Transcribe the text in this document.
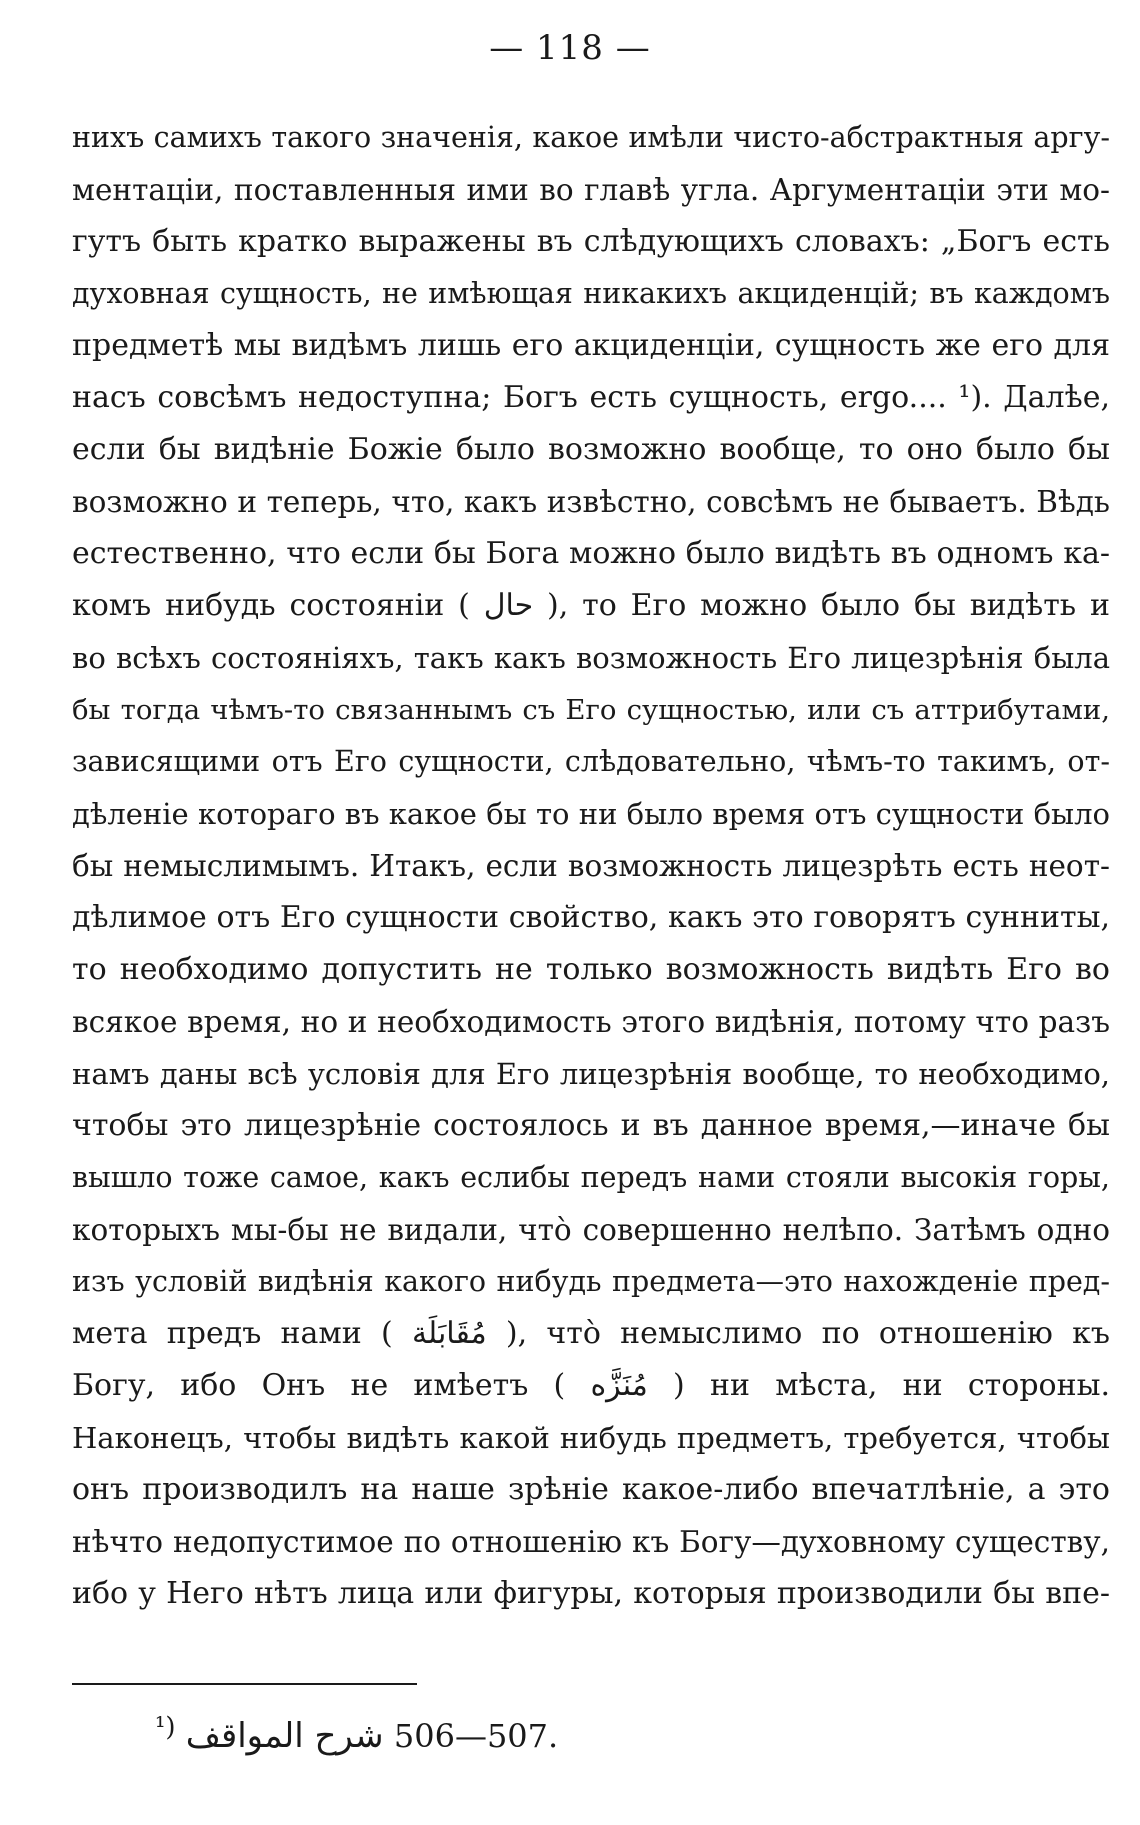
— 118 —
нихъ самихъ такого значенія, какое имѣли чисто-абстрактныя аргу-
ментаціи, поставленныя ими во главѣ угла. Аргументаціи эти мо-
гутъ быть кратко выражены въ слѣдующихъ словахъ: „Богъ есть
духовная сущность, не имѣющая никакихъ акциденцій; въ каждомъ
предметѣ мы видѣмъ лишь его акциденціи, сущность же его для
насъ совсѣмъ недоступна; Богъ есть сущность, ergo.... ¹). Далѣе,
если бы видѣніе Божіе было возможно вообще, то оно было бы
возможно и теперь, что, какъ извѣстно, совсѣмъ не бываетъ. Вѣдь
естественно, что если бы Бога можно было видѣть въ одномъ ка-
комъ нибудь состояніи ( حال ), то Его можно было бы видѣть и
во всѣхъ состояніяхъ, такъ какъ возможность Его лицезрѣнія была
бы тогда чѣмъ-то связаннымъ съ Его сущностью, или съ аттрибутами,
зависящими отъ Его сущности, слѣдовательно, чѣмъ-то такимъ, от-
дѣленіе котораго въ какое бы то ни было время отъ сущности было
бы немыслимымъ. Итакъ, если возможность лицезрѣть есть неот-
дѣлимое отъ Его сущности свойство, какъ это говорятъ сунниты,
то необходимо допустить не только возможность видѣть Его во
всякое время, но и необходимость этого видѣнія, потому что разъ
намъ даны всѣ условія для Его лицезрѣнія вообще, то необходимо,
чтобы это лицезрѣніе состоялось и въ данное время,—иначе бы
вышло тоже самое, какъ еслибы передъ нами стояли высокія горы,
которыхъ мы-бы не видали, что̀ совершенно нелѣпо. Затѣмъ одно
изъ условій видѣнія какого нибудь предмета—это нахожденіе пред-
мета предъ нами ( مُقَابَلَة ), что̀ немыслимо по отношенію къ
Богу, ибо Онъ не имѣетъ ( مُنَزَّه ) ни мѣста, ни стороны.
Наконецъ, чтобы видѣть какой нибудь предметъ, требуется, чтобы
онъ производилъ на наше зрѣніе какое-либо впечатлѣніе, а это
нѣчто недопустимое по отношенію къ Богу—духовному существу,
ибо у Него нѣтъ лица или фигуры, которыя производили бы впе-
$^{^1)}$ شرح المواقف 506—507.
